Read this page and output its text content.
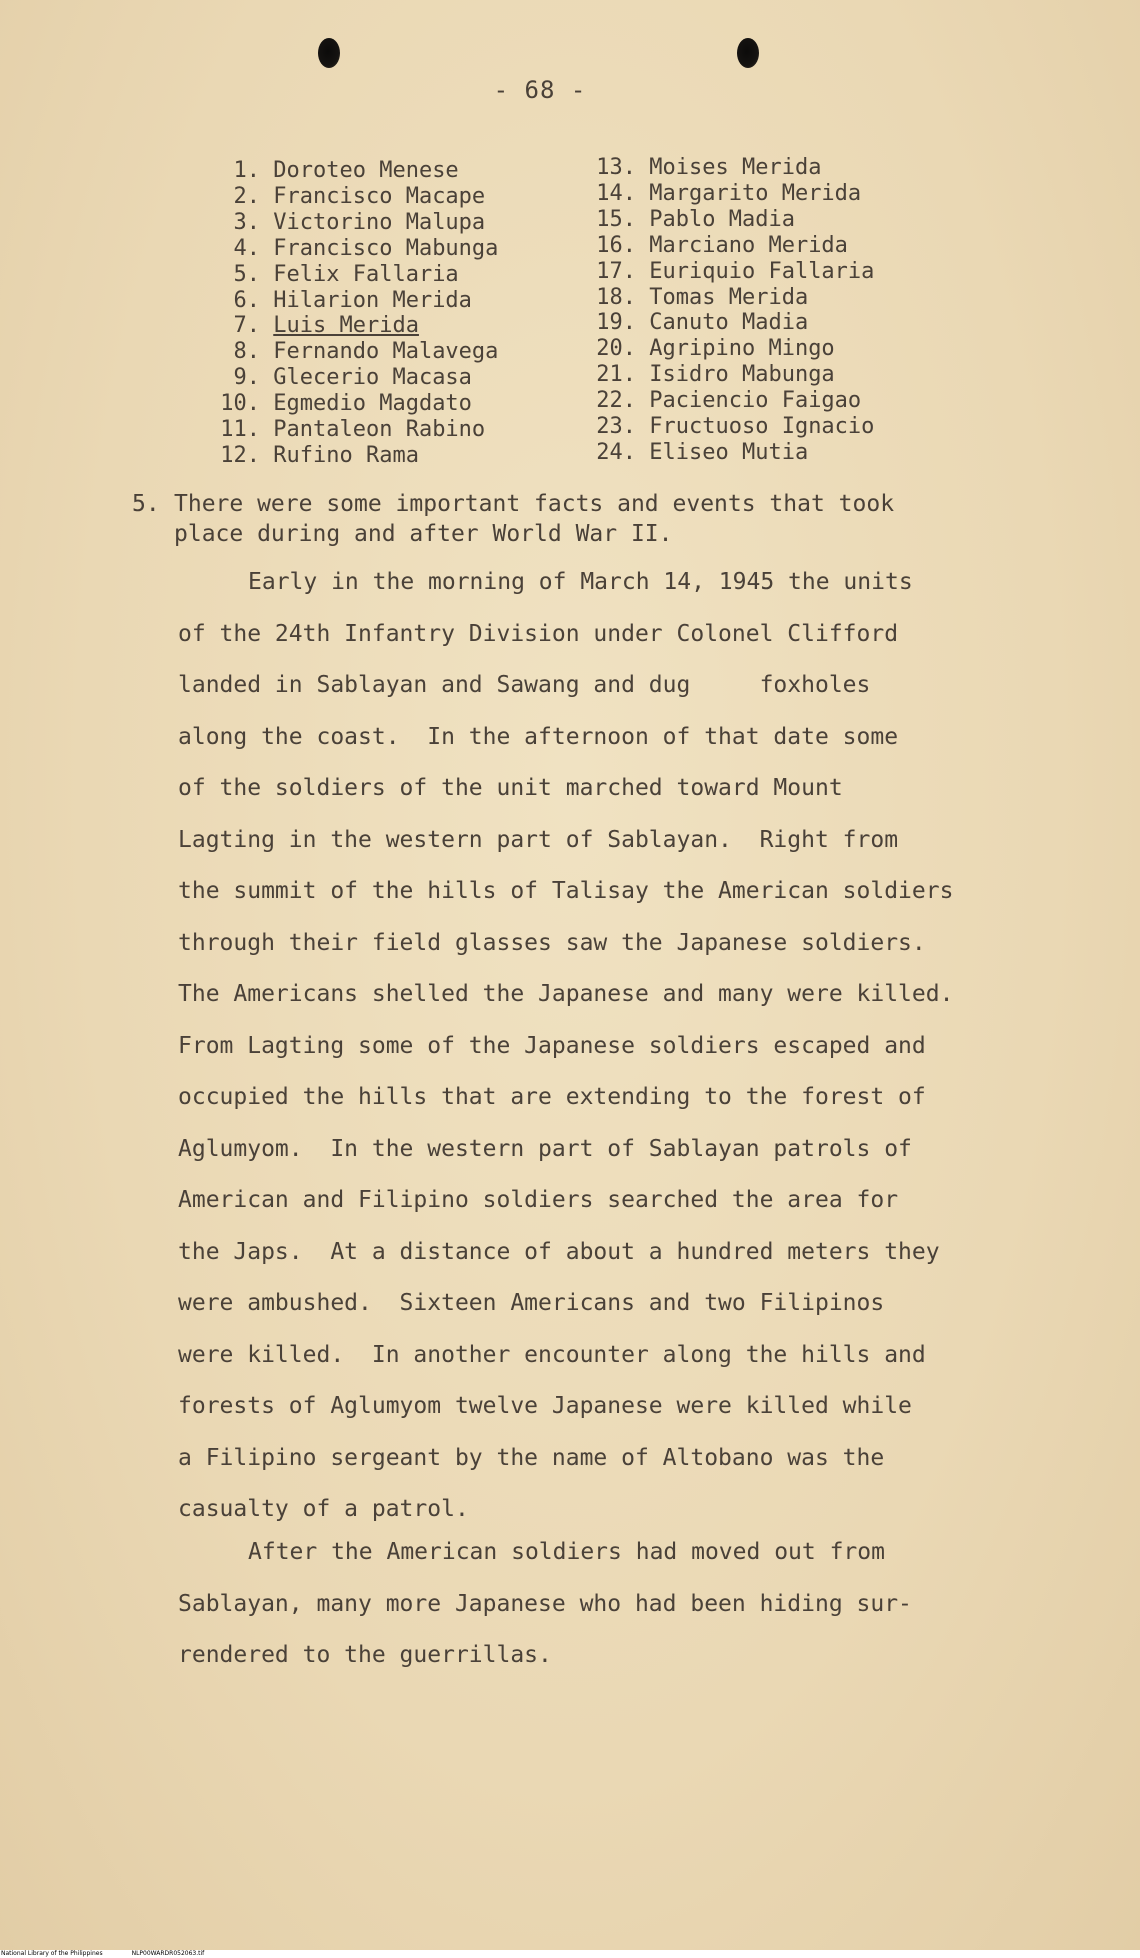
- 68 -
1. Doroteo Menese
2. Francisco Macape
3. Victorino Malupa
4. Francisco Mabunga
5. Felix Fallaria
6. Hilarion Merida
7. Luis Merida
8. Fernando Malavega
9. Glecerio Macasa
10. Egmedio Magdato
11. Pantaleon Rabino
12. Rufino Rama
13. Moises Merida
14. Margarito Merida
15. Pablo Madia
16. Marciano Merida
17. Euriquio Fallaria
18. Tomas Merida
19. Canuto Madia
20. Agripino Mingo
21. Isidro Mabunga
22. Paciencio Faigao
23. Fructuoso Ignacio
24. Eliseo Mutia
5. There were some important facts and events that took
place during and after World War II.
Early in the morning of March 14, 1945 the units
of the 24th Infantry Division under Colonel Clifford
landed in Sablayan and Sawang and dug     foxholes
along the coast.  In the afternoon of that date some
of the soldiers of the unit marched toward Mount
Lagting in the western part of Sablayan.  Right from
the summit of the hills of Talisay the American soldiers
through their field glasses saw the Japanese soldiers.
The Americans shelled the Japanese and many were killed.
From Lagting some of the Japanese soldiers escaped and
occupied the hills that are extending to the forest of
Aglumyom.  In the western part of Sablayan patrols of
American and Filipino soldiers searched the area for
the Japs.  At a distance of about a hundred meters they
were ambushed.  Sixteen Americans and two Filipinos
were killed.  In another encounter along the hills and
forests of Aglumyom twelve Japanese were killed while
a Filipino sergeant by the name of Altobano was the
casualty of a patrol.
After the American soldiers had moved out from
Sablayan, many more Japanese who had been hiding sur-
rendered to the guerrillas.
National Library of the Philippines	NLP00WARDR052063.tif
